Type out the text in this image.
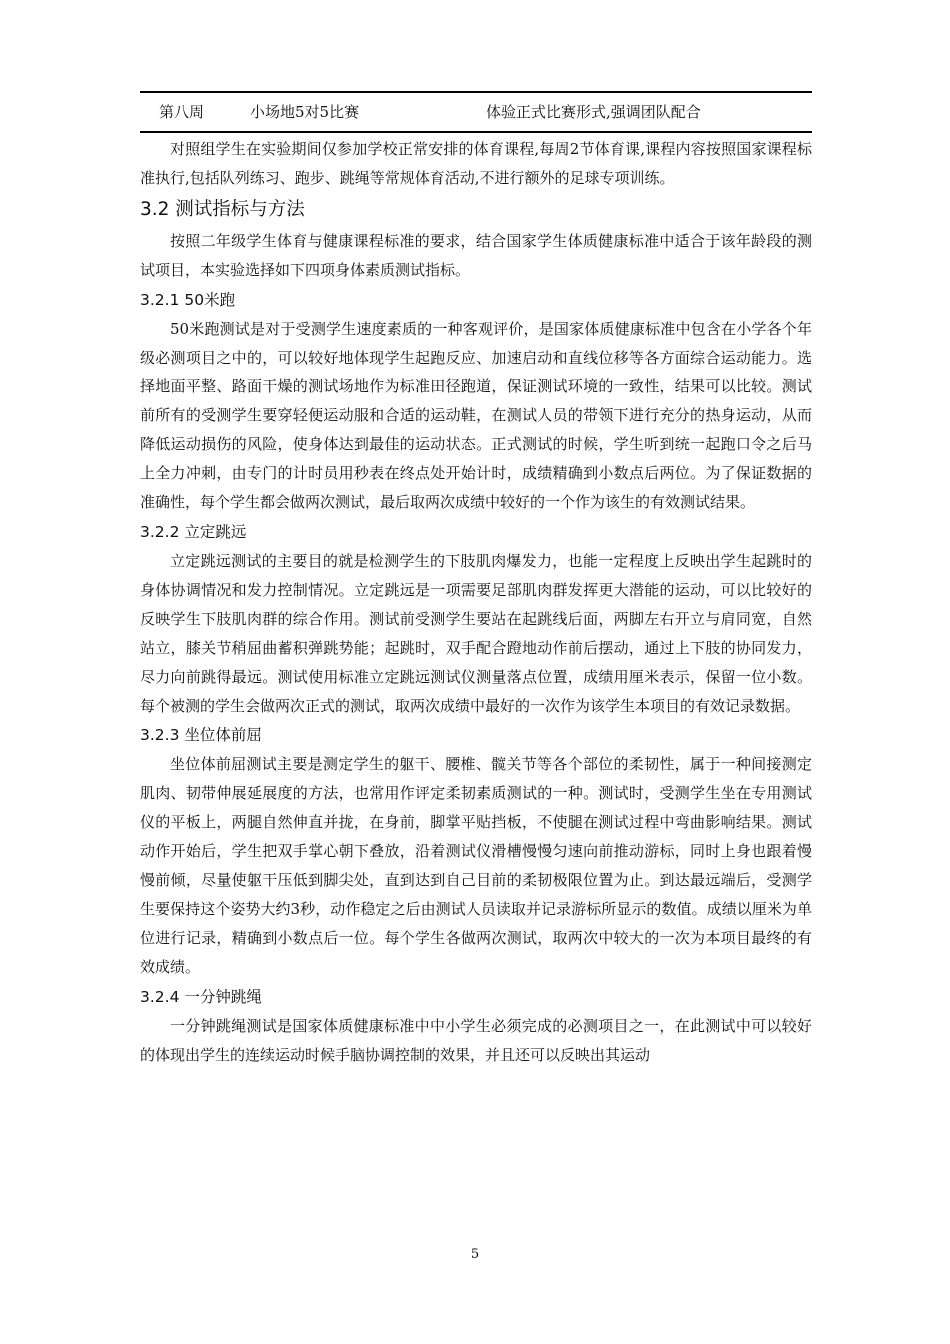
第八周	小场地5对5比赛	体验正式比赛形式,强调团队配合

对照组学生在实验期间仅参加学校正常安排的体育课程,每周2节体育课,课程内容按照国家课程标准执行,包括队列练习、跑步、跳绳等常规体育活动,不进行额外的足球专项训练。

3.2 测试指标与方法

按照二年级学生体育与健康课程标准的要求，结合国家学生体质健康标准中适合于该年龄段的测试项目，本实验选择如下四项身体素质测试指标。

3.2.1 50米跑

50米跑测试是对于受测学生速度素质的一种客观评价，是国家体质健康标准中包含在小学各个年级必测项目之中的，可以较好地体现学生起跑反应、加速启动和直线位移等各方面综合运动能力。选择地面平整、路面干燥的测试场地作为标准田径跑道，保证测试环境的一致性，结果可以比较。测试前所有的受测学生要穿轻便运动服和合适的运动鞋，在测试人员的带领下进行充分的热身运动，从而降低运动损伤的风险，使身体达到最佳的运动状态。正式测试的时候，学生听到统一起跑口令之后马上全力冲刺，由专门的计时员用秒表在终点处开始计时，成绩精确到小数点后两位。为了保证数据的准确性，每个学生都会做两次测试，最后取两次成绩中较好的一个作为该生的有效测试结果。

3.2.2 立定跳远

立定跳远测试的主要目的就是检测学生的下肢肌肉爆发力，也能一定程度上反映出学生起跳时的身体协调情况和发力控制情况。立定跳远是一项需要足部肌肉群发挥更大潜能的运动，可以比较好的反映学生下肢肌肉群的综合作用。测试前受测学生要站在起跳线后面，两脚左右开立与肩同宽，自然站立，膝关节稍屈曲蓄积弹跳势能；起跳时，双手配合蹬地动作前后摆动，通过上下肢的协同发力，尽力向前跳得最远。测试使用标准立定跳远测试仪测量落点位置，成绩用厘米表示，保留一位小数。每个被测的学生会做两次正式的测试，取两次成绩中最好的一次作为该学生本项目的有效记录数据。

3.2.3 坐位体前屈

坐位体前屈测试主要是测定学生的躯干、腰椎、髋关节等各个部位的柔韧性，属于一种间接测定肌肉、韧带伸展延展度的方法，也常用作评定柔韧素质测试的一种。测试时，受测学生坐在专用测试仪的平板上，两腿自然伸直并拢，在身前，脚掌平贴挡板，不使腿在测试过程中弯曲影响结果。测试动作开始后，学生把双手掌心朝下叠放，沿着测试仪滑槽慢慢匀速向前推动游标，同时上身也跟着慢慢前倾，尽量使躯干压低到脚尖处，直到达到自己目前的柔韧极限位置为止。到达最远端后，受测学生要保持这个姿势大约3秒，动作稳定之后由测试人员读取并记录游标所显示的数值。成绩以厘米为单位进行记录，精确到小数点后一位。每个学生各做两次测试，取两次中较大的一次为本项目最终的有效成绩。

3.2.4 一分钟跳绳

一分钟跳绳测试是国家体质健康标准中中小学生必须完成的必测项目之一，在此测试中可以较好的体现出学生的连续运动时候手脑协调控制的效果，并且还可以反映出其运动

5
